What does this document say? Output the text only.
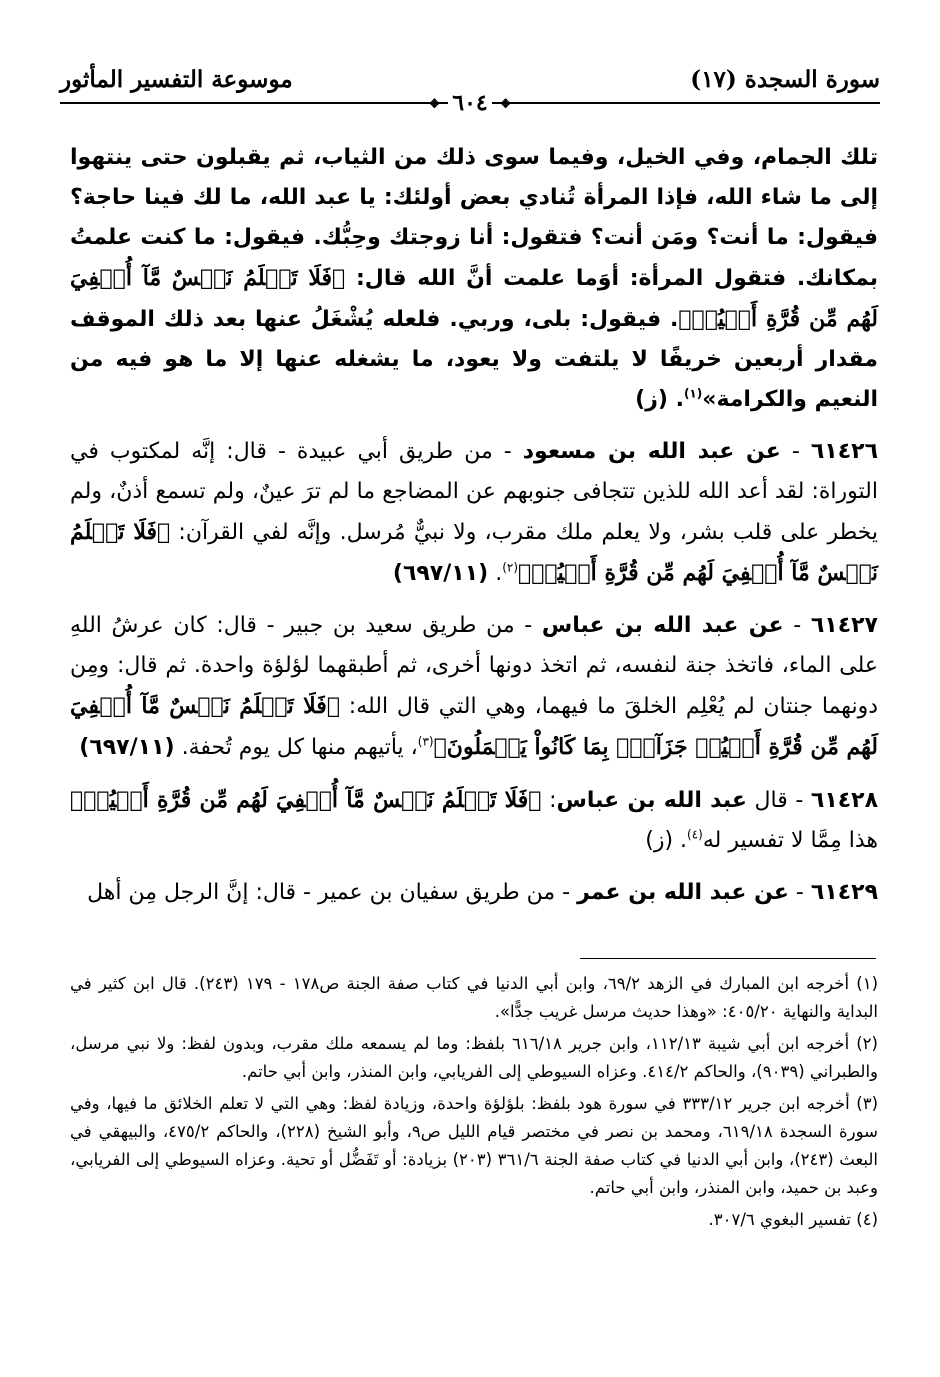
سورة السجدة (١٧)
موسوعة التفسير المأثور
❖٦٠٤❖

تلك الجمام، وفي الخيل، وفيما سوى ذلك من الثياب، ثم يقبلون حتى ينتهوا إلى ما شاء الله، فإذا المرأة تُنادي بعض أولئك: يا عبد الله، ما لك فينا حاجة؟ فيقول: ما أنت؟ ومَن أنت؟ فتقول: أنا زوجتك وحِبُّك. فيقول: ما كنت علمتُ بمكانك. فتقول المرأة: أوَما علمت أنَّ الله قال: ﴿فَلَا تَعۡلَمُ نَفۡسٌ مَّآ أُخۡفِيَ لَهُم مِّن قُرَّةِ أَعۡيُنٖ﴾. فيقول: بلى، وربي. فلعله يُشْغَلُ عنها بعد ذلك الموقف مقدار أربعين خريفًا لا يلتفت ولا يعود، ما يشغله عنها إلا ما هو فيه من النعيم والكرامة»$^{(١)}$. (ز)

٦١٤٢٦ - عن عبد الله بن مسعود - من طريق أبي عبيدة - قال: إنَّه لمكتوب في التوراة: لقد أعد الله للذين تتجافى جنوبهم عن المضاجع ما لم ترَ عينٌ، ولم تسمع أذنٌ، ولم يخطر على قلب بشر، ولا يعلم ملك مقرب، ولا نبيٌّ مُرسل. وإنَّه لفي القرآن: ﴿فَلَا تَعۡلَمُ نَفۡسٌ مَّآ أُخۡفِيَ لَهُم مِّن قُرَّةِ أَعۡيُنٖ﴾$^{(٢)}$. (٦٩٧/١١)

٦١٤٢٧ - عن عبد الله بن عباس - من طريق سعيد بن جبير - قال: كان عرشُ اللهِ على الماء، فاتخذ جنة لنفسه، ثم اتخذ دونها أخرى، ثم أطبقهما لؤلؤة واحدة. ثم قال: ومِن دونهما جنتان لم يُعْلِم الخلقَ ما فيهما، وهي التي قال الله: ﴿فَلَا تَعۡلَمُ نَفۡسٌ مَّآ أُخۡفِيَ لَهُم مِّن قُرَّةِ أَعۡيُنٖ جَزَآءَۢ بِمَا كَانُواْ يَعۡمَلُونَ﴾$^{(٣)}$، يأتيهم منها كل يوم تُحفة. (٦٩٧/١١)

٦١٤٢٨ - قال عبد الله بن عباس: ﴿فَلَا تَعۡلَمُ نَفۡسٌ مَّآ أُخۡفِيَ لَهُم مِّن قُرَّةِ أَعۡيُنٖ﴾ هذا مِمَّا لا تفسير له$^{(٤)}$. (ز)

٦١٤٢٩ - عن عبد الله بن عمر - من طريق سفيان بن عمير - قال: إنَّ الرجل مِن أهل

(١) أخرجه ابن المبارك في الزهد ٦٩/٢، وابن أبي الدنيا في كتاب صفة الجنة ص١٧٨ - ١٧٩ (٢٤٣). قال ابن كثير في البداية والنهاية ٤٠٥/٢٠: «وهذا حديث مرسل غريب جدًّا».

(٢) أخرجه ابن أبي شيبة ١١٢/١٣، وابن جرير ٦١٦/١٨ بلفظ: وما لم يسمعه ملك مقرب، وبدون لفظ: ولا نبي مرسل، والطبراني (٩٠٣٩)، والحاكم ٤١٤/٢. وعزاه السيوطي إلى الفريابي، وابن المنذر، وابن أبي حاتم.

(٣) أخرجه ابن جرير ٣٣٣/١٢ في سورة هود بلفظ: بلؤلؤة واحدة، وزيادة لفظ: وهي التي لا تعلم الخلائق ما فيها، وفي سورة السجدة ٦١٩/١٨، ومحمد بن نصر في مختصر قيام الليل ص٩، وأبو الشيخ (٢٢٨)، والحاكم ٤٧٥/٢، والبيهقي في البعث (٢٤٣)، وابن أبي الدنيا في كتاب صفة الجنة ٣٦١/٦ (٢٠٣) بزيادة: أو تَفَضُّل أو تحية. وعزاه السيوطي إلى الفريابي، وعبد بن حميد، وابن المنذر، وابن أبي حاتم.

(٤) تفسير البغوي ٣٠٧/٦.
